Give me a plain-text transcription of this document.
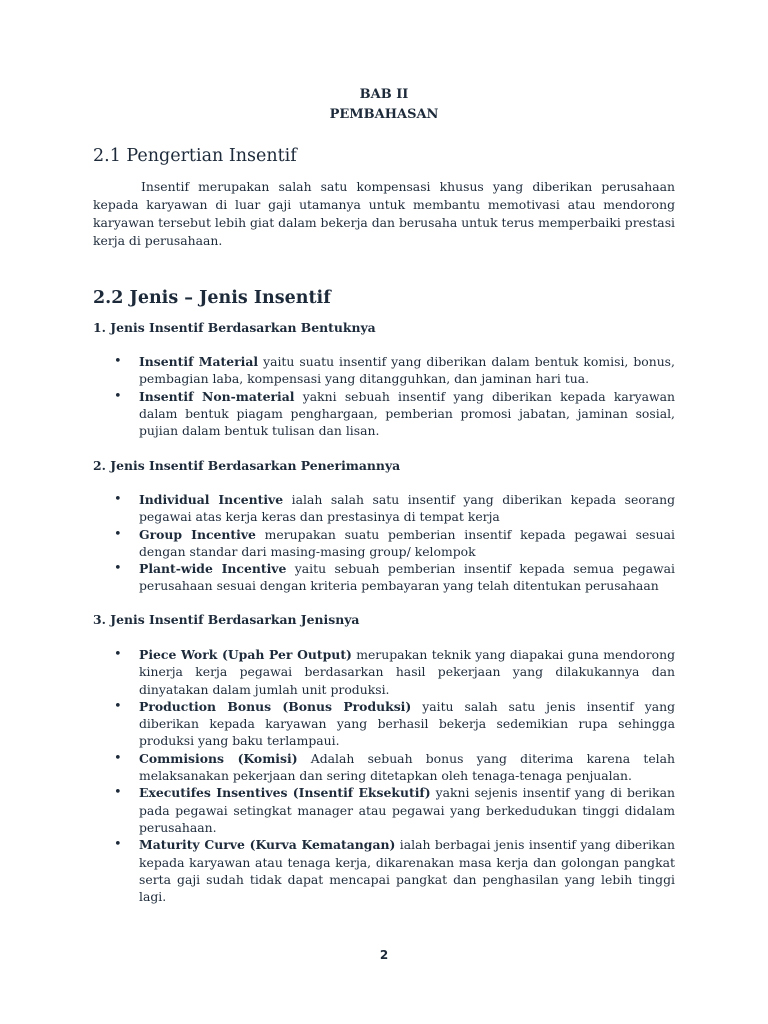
BAB II
PEMBAHASAN
2.1 Pengertian Insentif
Insentif merupakan salah satu kompensasi khusus yang diberikan perusahaan kepada karyawan di luar gaji utamanya untuk membantu memotivasi atau mendorong karyawan tersebut lebih giat dalam bekerja dan berusaha untuk terus memperbaiki prestasi kerja di perusahaan.
2.2 Jenis – Jenis Insentif
1. Jenis Insentif Berdasarkan Bentuknya
• Insentif Material yaitu suatu insentif yang diberikan dalam bentuk komisi, bonus, pembagian laba, kompensasi yang ditangguhkan, dan jaminan hari tua.
• Insentif Non-material yakni sebuah insentif yang diberikan kepada karyawan dalam bentuk piagam penghargaan, pemberian promosi jabatan, jaminan sosial, pujian dalam bentuk tulisan dan lisan.
2. Jenis Insentif Berdasarkan Penerimannya
• Individual Incentive ialah salah satu insentif yang diberikan kepada seorang pegawai atas kerja keras dan prestasinya di tempat kerja
• Group Incentive merupakan suatu pemberian insentif kepada pegawai sesuai dengan standar dari masing-masing group/ kelompok
• Plant-wide Incentive yaitu sebuah pemberian insentif kepada semua pegawai perusahaan sesuai dengan kriteria pembayaran yang telah ditentukan perusahaan
3. Jenis Insentif Berdasarkan Jenisnya
• Piece Work (Upah Per Output) merupakan teknik yang diapakai guna mendorong kinerja kerja pegawai berdasarkan hasil pekerjaan yang dilakukannya dan dinyatakan dalam jumlah unit produksi.
• Production Bonus (Bonus Produksi) yaitu salah satu jenis insentif yang diberikan kepada karyawan yang berhasil bekerja sedemikian rupa sehingga produksi yang baku terlampaui.
• Commisions (Komisi) Adalah sebuah bonus yang diterima karena telah melaksanakan pekerjaan dan sering ditetapkan oleh tenaga-tenaga penjualan.
• Executifes Insentives (Insentif Eksekutif) yakni sejenis insentif yang di berikan pada pegawai setingkat manager atau pegawai yang berkedudukan tinggi didalam perusahaan.
• Maturity Curve (Kurva Kematangan) ialah berbagai jenis insentif yang diberikan kepada karyawan atau tenaga kerja, dikarenakan masa kerja dan golongan pangkat serta gaji sudah tidak dapat mencapai pangkat dan penghasilan yang lebih tinggi lagi.
2
